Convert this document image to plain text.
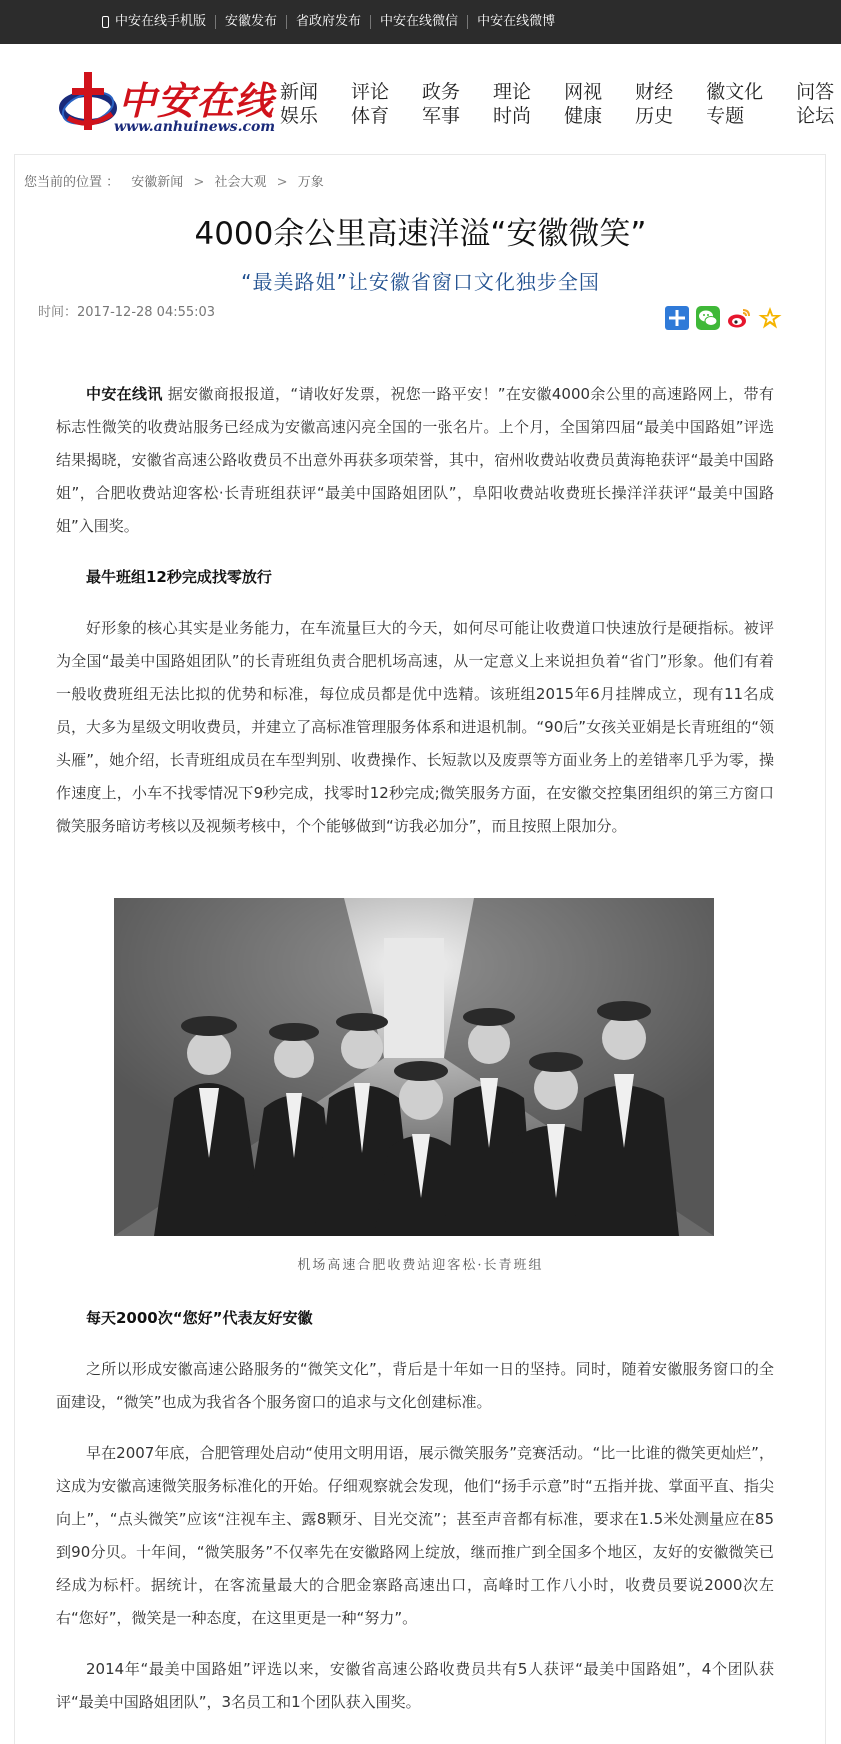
中安在线手机版	安徽发布	省政府发布	中安在线微信	中安在线微博
中安在线
www.anhuinews.com
新闻
娱乐
评论
体育
政务
军事
理论
时尚
网视
健康
财经
历史
徽文化
专题
问答
论坛
您当前的位置 ： 安徽新闻 > 社会大观 > 万象
4000余公里高速洋溢“安徽微笑”
“最美路姐”让安徽省窗口文化独步全国
时间：2017-12-28 04:55:03

中安在线讯 据安徽商报报道，“请收好发票，祝您一路平安！”在安徽4000余公里的高速路网上，带有标志性微笑的收费站服务已经成为安徽高速闪亮全国的一张名片。上个月，全国第四届“最美中国路姐”评选结果揭晓，安徽省高速公路收费员不出意外再获多项荣誉，其中，宿州收费站收费员黄海艳获评“最美中国路姐”，合肥收费站迎客松·长青班组获评“最美中国路姐团队”，阜阳收费站收费班长操洋洋获评“最美中国路姐”入围奖。

最牛班组12秒完成找零放行

好形象的核心其实是业务能力，在车流量巨大的今天，如何尽可能让收费道口快速放行是硬指标。被评为全国“最美中国路姐团队”的长青班组负责合肥机场高速，从一定意义上来说担负着“省门”形象。他们有着一般收费班组无法比拟的优势和标准，每位成员都是优中选精。该班组2015年6月挂牌成立，现有11名成员，大多为星级文明收费员，并建立了高标准管理服务体系和进退机制。“90后”女孩关亚娟是长青班组的“领头雁”，她介绍，长青班组成员在车型判别、收费操作、长短款以及废票等方面业务上的差错率几乎为零，操作速度上，小车不找零情况下9秒完成，找零时12秒完成;微笑服务方面，在安徽交控集团组织的第三方窗口微笑服务暗访考核以及视频考核中，个个能够做到“访我必加分”，而且按照上限加分。

机场高速合肥收费站迎客松·长青班组

每天2000次“您好”代表友好安徽

之所以形成安徽高速公路服务的“微笑文化”，背后是十年如一日的坚持。同时，随着安徽服务窗口的全面建设，“微笑”也成为我省各个服务窗口的追求与文化创建标准。

早在2007年底，合肥管理处启动“使用文明用语，展示微笑服务”竞赛活动。“比一比谁的微笑更灿烂”，这成为安徽高速微笑服务标准化的开始。仔细观察就会发现，他们“扬手示意”时“五指并拢、掌面平直、指尖向上”，“点头微笑”应该“注视车主、露8颗牙、目光交流”；甚至声音都有标准，要求在1.5米处测量应在85到90分贝。十年间，“微笑服务”不仅率先在安徽路网上绽放，继而推广到全国多个地区，友好的安徽微笑已经成为标杆。据统计，在客流量最大的合肥金寨路高速出口，高峰时工作八小时，收费员要说2000次左右“您好”，微笑是一种态度，在这里更是一种“努力”。

2014年“最美中国路姐”评选以来，安徽省高速公路收费员共有5人获评“最美中国路姐”，4个团队获评“最美中国路姐团队”，3名员工和1个团队获入围奖。
